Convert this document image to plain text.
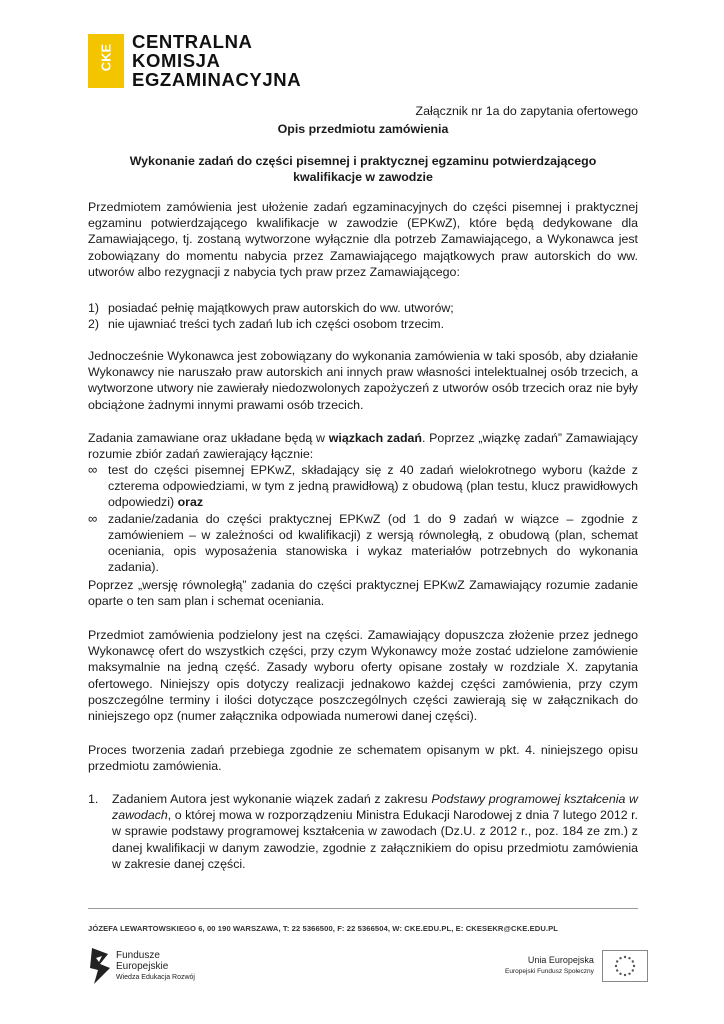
CKE
CENTRALNA
KOMISJA
EGZAMINACYJNA
Załącznik nr 1a do zapytania ofertowego
Opis przedmiotu zamówienia
Wykonanie zadań do części pisemnej i praktycznej egzaminu potwierdzającego kwalifikacje w zawodzie
Przedmiotem zamówienia jest ułożenie zadań egzaminacyjnych do części pisemnej i praktycznej egzaminu potwierdzającego kwalifikacje w zawodzie (EPKwZ), które będą dedykowane dla Zamawiającego, tj. zostaną wytworzone wyłącznie dla potrzeb Zamawiającego, a Wykonawca jest zobowiązany do momentu nabycia przez Zamawiającego majątkowych praw autorskich do ww. utworów albo rezygnacji z nabycia tych praw przez Zamawiającego:
1) posiadać pełnię majątkowych praw autorskich do ww. utworów;
2) nie ujawniać treści tych zadań lub ich części osobom trzecim.
Jednocześnie Wykonawca jest zobowiązany do wykonania zamówienia w taki sposób, aby działanie Wykonawcy nie naruszało praw autorskich ani innych praw własności intelektualnej osób trzecich, a wytworzone utwory nie zawierały niedozwolonych zapożyczeń z utworów osób trzecich oraz nie były obciążone żadnymi innymi prawami osób trzecich.
Zadania zamawiane oraz układane będą w wiązkach zadań. Poprzez „wiązkę zadań” Zamawiający rozumie zbiór zadań zawierający łącznie:
∞ test do części pisemnej EPKwZ, składający się z 40 zadań wielokrotnego wyboru (każde z czterema odpowiedziami, w tym z jedną prawidłową) z obudową (plan testu, klucz prawidłowych odpowiedzi) oraz
∞ zadanie/zadania do części praktycznej EPKwZ (od 1 do 9 zadań w wiązce – zgodnie z zamówieniem – w zależności od kwalifikacji) z wersją równoległą, z obudową (plan, schemat oceniania, opis wyposażenia stanowiska i wykaz materiałów potrzebnych do wykonania zadania).
Poprzez „wersję równoległą” zadania do części praktycznej EPKwZ Zamawiający rozumie zadanie oparte o ten sam plan i schemat oceniania.
Przedmiot zamówienia podzielony jest na części. Zamawiający dopuszcza złożenie przez jednego Wykonawcę ofert do wszystkich części, przy czym Wykonawcy może zostać udzielone zamówienie maksymalnie na jedną część. Zasady wyboru oferty opisane zostały w rozdziale X. zapytania ofertowego. Niniejszy opis dotyczy realizacji jednakowo każdej części zamówienia, przy czym poszczególne terminy i ilości dotyczące poszczególnych części zawierają się w załącznikach do niniejszego opz (numer załącznika odpowiada numerowi danej części).
Proces tworzenia zadań przebiega zgodnie ze schematem opisanym w pkt. 4. niniejszego opisu przedmiotu zamówienia.
1.	Zadaniem Autora jest wykonanie wiązek zadań z zakresu Podstawy programowej kształcenia w zawodach, o której mowa w rozporządzeniu Ministra Edukacji Narodowej z dnia 7 lutego 2012 r. w sprawie podstawy programowej kształcenia w zawodach (Dz.U. z 2012 r., poz. 184 ze zm.) z danej kwalifikacji w danym zawodzie, zgodnie z załącznikiem do opisu przedmiotu zamówienia w zakresie danej części.
JÓZEFA LEWARTOWSKIEGO 6, 00 190 WARSZAWA, T: 22 5366500, F: 22 5366504, W: CKE.EDU.PL, E: CKESEKR@CKE.EDU.PL
Fundusze
Europejskie
Wiedza Edukacja Rozwój
Unia Europejska
Europejski Fundusz Społeczny
